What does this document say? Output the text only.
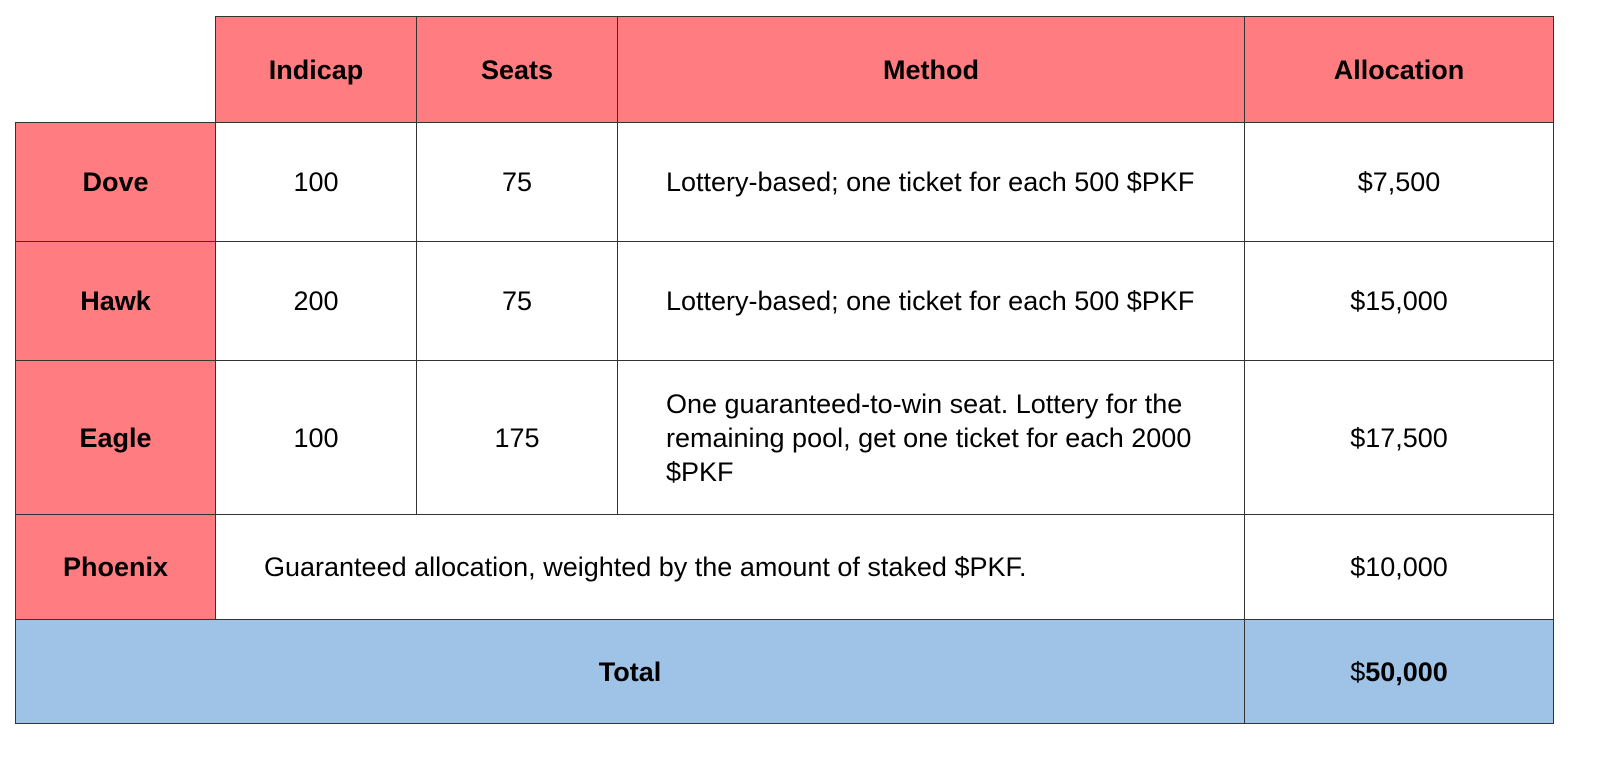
	Indicap	Seats	Method	Allocation
Dove	100	75	Lottery-based; one ticket for each 500 $PKF	$7,500
Hawk	200	75	Lottery-based; one ticket for each 500 $PKF	$15,000
Eagle	100	175	One guaranteed-to-win seat. Lottery for the remaining pool, get one ticket for each 2000 $PKF	$17,500
Phoenix	Guaranteed allocation, weighted by the amount of staked $PKF.			$10,000
Total				$50,000
